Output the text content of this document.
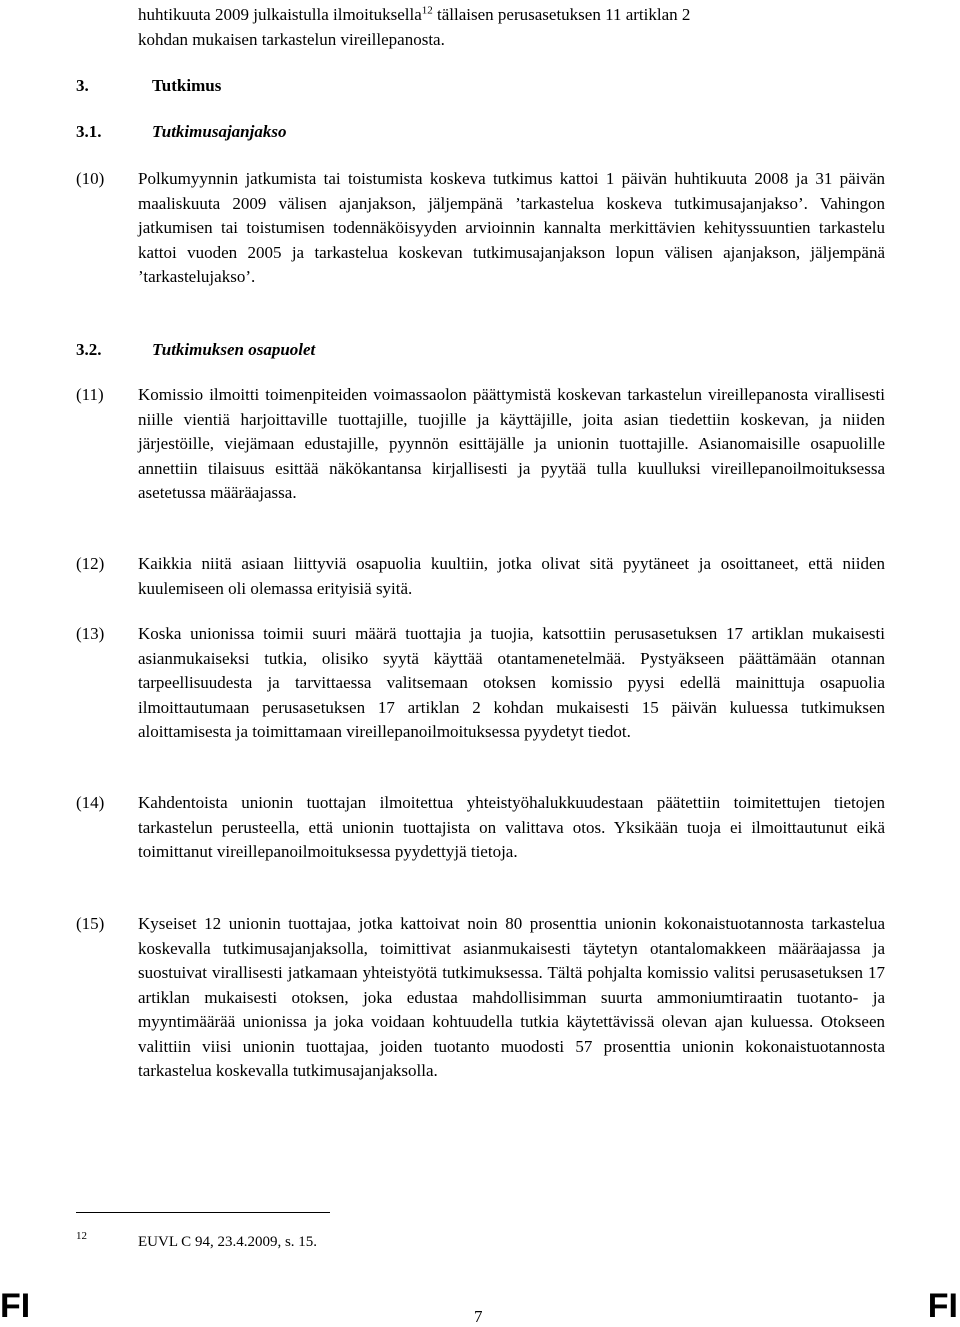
huhtikuuta 2009 julkaistulla ilmoituksella$^{12}$ tällaisen perusasetuksen 11 artiklan 2
kohdan mukaisen tarkastelun vireillepanosta.
3.	Tutkimus
3.1.	Tutkimusajanjakso
(10) Polkumyynnin jatkumista tai toistumista koskeva tutkimus kattoi 1 päivän huhtikuuta 2008 ja 31 päivän maaliskuuta 2009 välisen ajanjakson, jäljempänä ’tarkastelua koskeva tutkimusajanjakso’. Vahingon jatkumisen tai toistumisen todennäköisyyden arvioinnin kannalta merkittävien kehityssuuntien tarkastelu kattoi vuoden 2005 ja tarkastelua koskevan tutkimusajanjakson lopun välisen ajanjakson, jäljempänä ’tarkastelujakso’.
3.2.	Tutkimuksen osapuolet
(11) Komissio ilmoitti toimenpiteiden voimassaolon päättymistä koskevan tarkastelun vireillepanosta virallisesti niille vientiä harjoittaville tuottajille, tuojille ja käyttäjille, joita asian tiedettiin koskevan, ja niiden järjestöille, viejämaan edustajille, pyynnön esittäjälle ja unionin tuottajille. Asianomaisille osapuolille annettiin tilaisuus esittää näkökantansa kirjallisesti ja pyytää tulla kuulluksi vireillepanoilmoituksessa asetetussa määräajassa.
(12) Kaikkia niitä asiaan liittyviä osapuolia kuultiin, jotka olivat sitä pyytäneet ja osoittaneet, että niiden kuulemiseen oli olemassa erityisiä syitä.
(13) Koska unionissa toimii suuri määrä tuottajia ja tuojia, katsottiin perusasetuksen 17 artiklan mukaisesti asianmukaiseksi tutkia, olisiko syytä käyttää otantamenetelmää. Pystyäkseen päättämään otannan tarpeellisuudesta ja tarvittaessa valitsemaan otoksen komissio pyysi edellä mainittuja osapuolia ilmoittautumaan perusasetuksen 17 artiklan 2 kohdan mukaisesti 15 päivän kuluessa tutkimuksen aloittamisesta ja toimittamaan vireillepanoilmoituksessa pyydetyt tiedot.
(14) Kahdentoista unionin tuottajan ilmoitettua yhteistyöhalukkuudestaan päätettiin toimitettujen tietojen tarkastelun perusteella, että unionin tuottajista on valittava otos. Yksikään tuoja ei ilmoittautunut eikä toimittanut vireillepanoilmoituksessa pyydettyjä tietoja.
(15) Kyseiset 12 unionin tuottajaa, jotka kattoivat noin 80 prosenttia unionin kokonaistuotannosta tarkastelua koskevalla tutkimusajanjaksolla, toimittivat asianmukaisesti täytetyn otantalomakkeen määräajassa ja suostuivat virallisesti jatkamaan yhteistyötä tutkimuksessa. Tältä pohjalta komissio valitsi perusasetuksen 17 artiklan mukaisesti otoksen, joka edustaa mahdollisimman suurta ammoniumtiraatin tuotanto- ja myyntimäärää unionissa ja joka voidaan kohtuudella tutkia käytettävissä olevan ajan kuluessa. Otokseen valittiin viisi unionin tuottajaa, joiden tuotanto muodosti 57 prosenttia unionin kokonaistuotannosta tarkastelua koskevalla tutkimusajanjaksolla.
12	EUVL C 94, 23.4.2009, s. 15.
FI	7	FI
